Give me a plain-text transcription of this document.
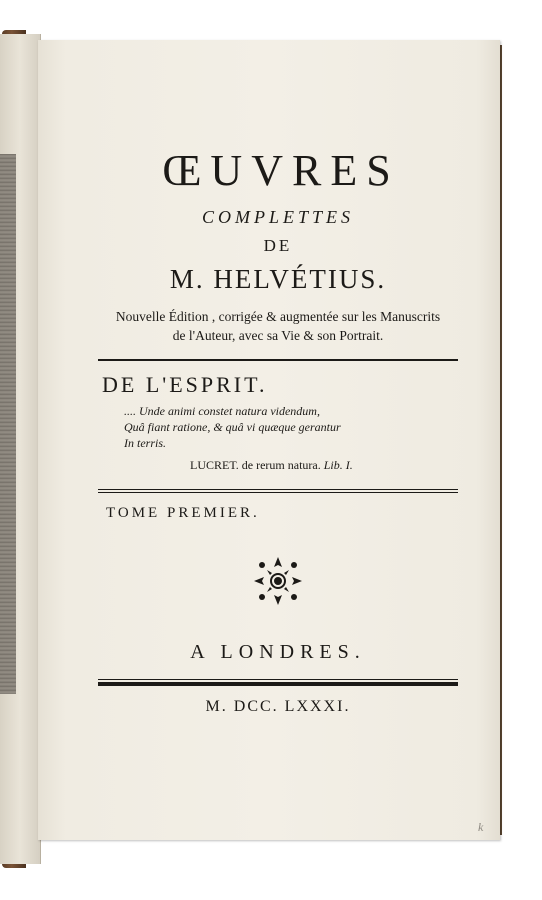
ŒUVRES
COMPLETTES
DE
M. HELVÉTIUS.
Nouvelle Édition , corrigée & augmentée sur les Manuscrits de l'Auteur, avec sa Vie & son Portrait.
DE L'ESPRIT.
.... Unde animi constet natura videndum,
Quâ fiant ratione, & quâ vi quæque gerantur
In terris.
LUCRET. de rerum natura. Lib. I.
TOME PREMIER.
A LONDRES.
M. DCC. LXXXI.
k
